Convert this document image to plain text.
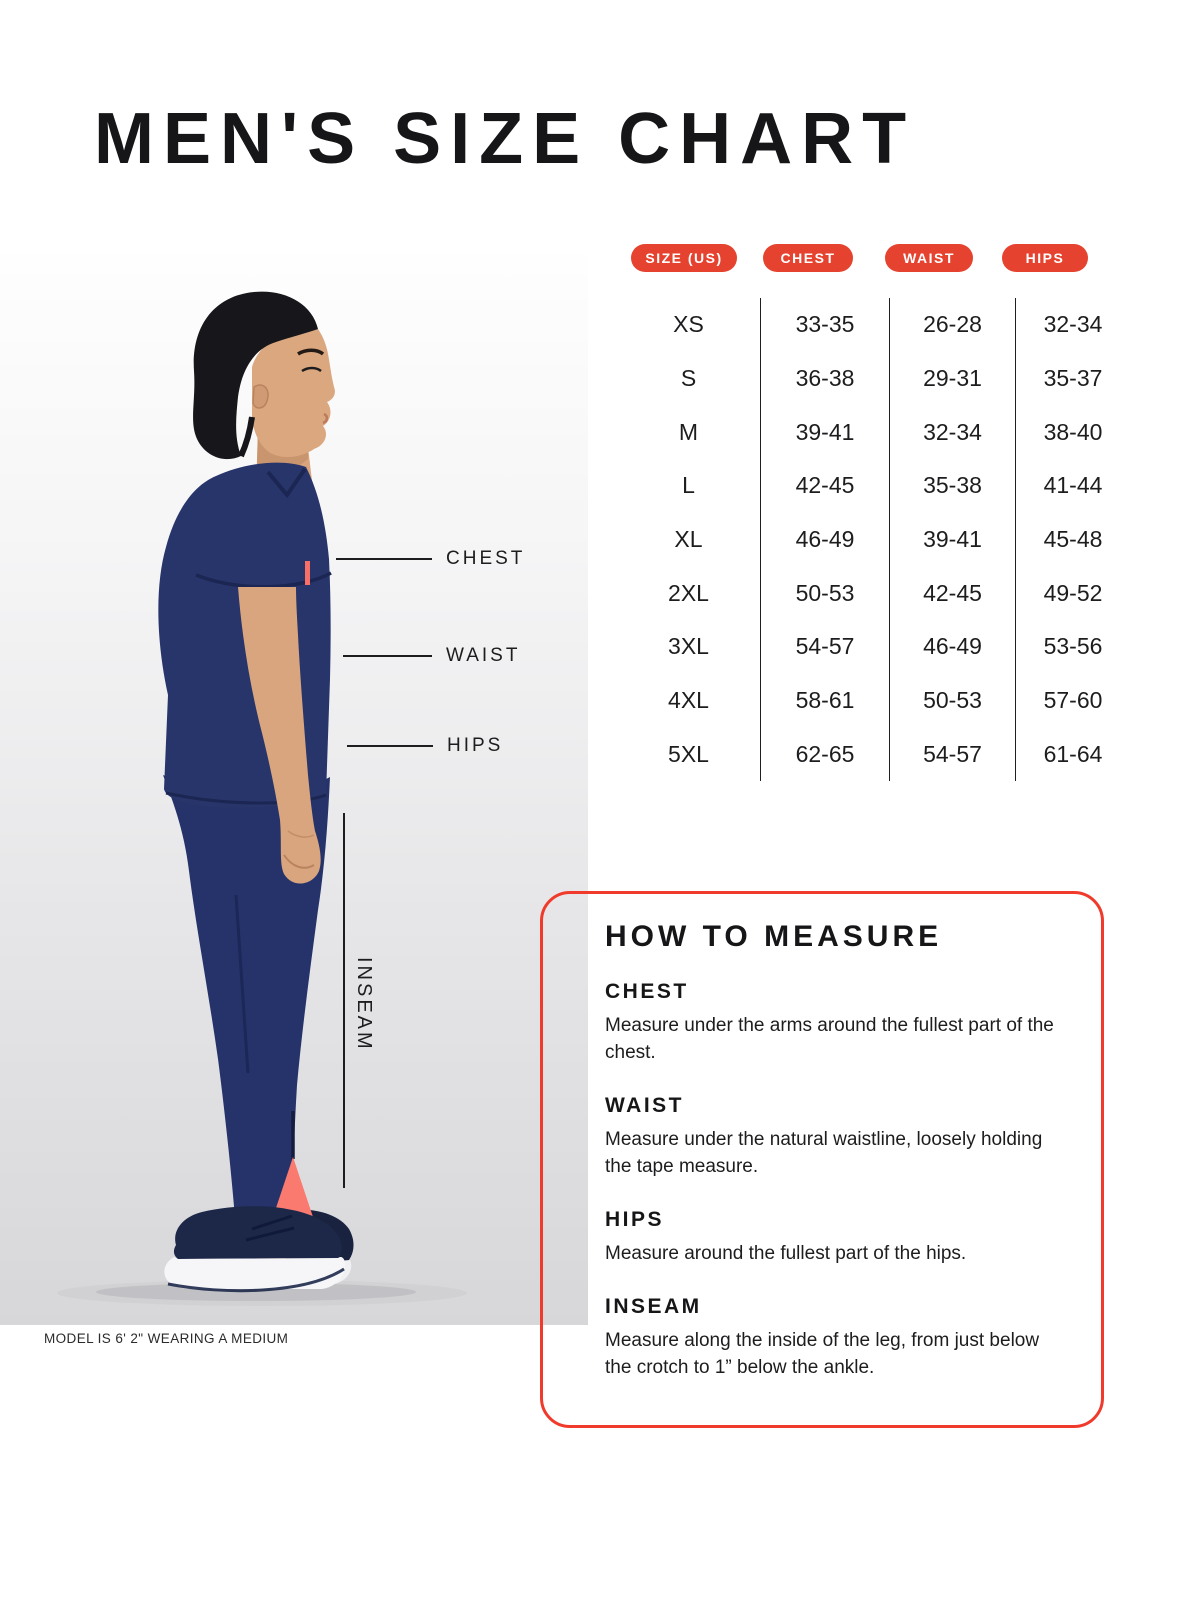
MEN'S SIZE CHART
CHEST
WAIST
HIPS
INSEAM
MODEL IS 6' 2" WEARING A MEDIUM
SIZE (US)	CHEST	WAIST	HIPS
XS	33-35	26-28	32-34
S	36-38	29-31	35-37
M	39-41	32-34	38-40
L	42-45	35-38	41-44
XL	46-49	39-41	45-48
2XL	50-53	42-45	49-52
3XL	54-57	46-49	53-56
4XL	58-61	50-53	57-60
5XL	62-65	54-57	61-64
HOW TO MEASURE
CHEST

Measure under the arms around the fullest part of the chest.

WAIST

Measure under the natural waistline, loosely holding the tape measure.

HIPS

Measure around the fullest part of the hips.

INSEAM

Measure along the inside of the leg, from just below the crotch to 1” below the ankle.
